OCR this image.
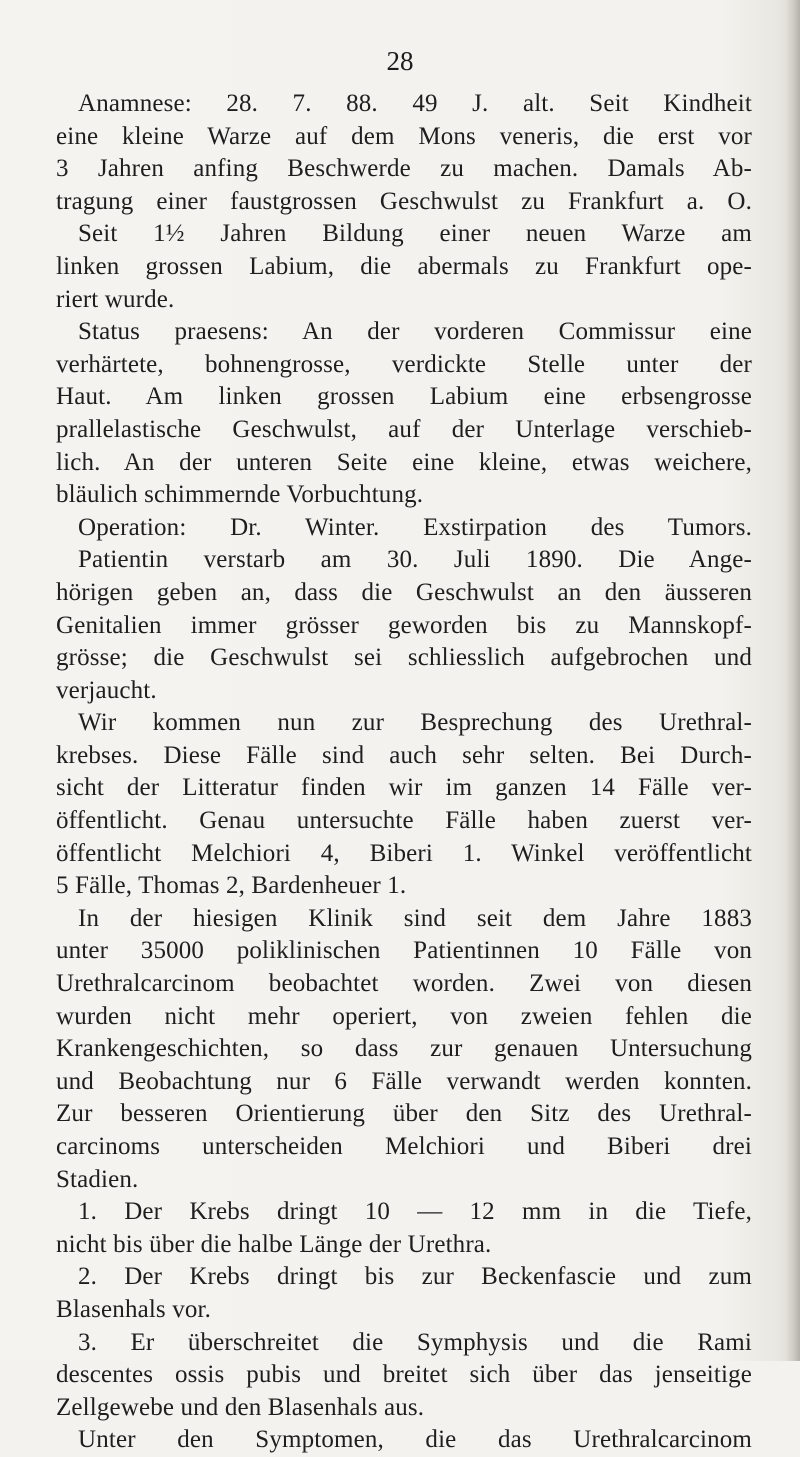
28
Anamnese: 28. 7. 88. 49 J. alt. Seit Kindheit
eine kleine Warze auf dem Mons veneris, die erst vor
3 Jahren anfing Beschwerde zu machen. Damals Ab-
tragung einer faustgrossen Geschwulst zu Frankfurt a. O.
Seit 1½ Jahren Bildung einer neuen Warze am
linken grossen Labium, die abermals zu Frankfurt ope-
riert wurde.
Status praesens: An der vorderen Commissur eine
verhärtete, bohnengrosse, verdickte Stelle unter der
Haut. Am linken grossen Labium eine erbsengrosse
prallelastische Geschwulst, auf der Unterlage verschieb-
lich. An der unteren Seite eine kleine, etwas weichere,
bläulich schimmernde Vorbuchtung.
Operation: Dr. Winter. Exstirpation des Tumors.
Patientin verstarb am 30. Juli 1890. Die Ange-
hörigen geben an, dass die Geschwulst an den äusseren
Genitalien immer grösser geworden bis zu Mannskopf-
grösse; die Geschwulst sei schliesslich aufgebrochen und
verjaucht.
Wir kommen nun zur Besprechung des Urethral-
krebses. Diese Fälle sind auch sehr selten. Bei Durch-
sicht der Litteratur finden wir im ganzen 14 Fälle ver-
öffentlicht. Genau untersuchte Fälle haben zuerst ver-
öffentlicht Melchiori 4, Biberi 1. Winkel veröffentlicht
5 Fälle, Thomas 2, Bardenheuer 1.
In der hiesigen Klinik sind seit dem Jahre 1883
unter 35000 poliklinischen Patientinnen 10 Fälle von
Urethralcarcinom beobachtet worden. Zwei von diesen
wurden nicht mehr operiert, von zweien fehlen die
Krankengeschichten, so dass zur genauen Untersuchung
und Beobachtung nur 6 Fälle verwandt werden konnten.
Zur besseren Orientierung über den Sitz des Urethral-
carcinoms unterscheiden Melchiori und Biberi drei
Stadien.
1. Der Krebs dringt 10 — 12 mm in die Tiefe,
nicht bis über die halbe Länge der Urethra.
2. Der Krebs dringt bis zur Beckenfascie und zum
Blasenhals vor.
3. Er überschreitet die Symphysis und die Rami
descentes ossis pubis und breitet sich über das jenseitige
Zellgewebe und den Blasenhals aus.
Unter den Symptomen, die das Urethralcarcinom
